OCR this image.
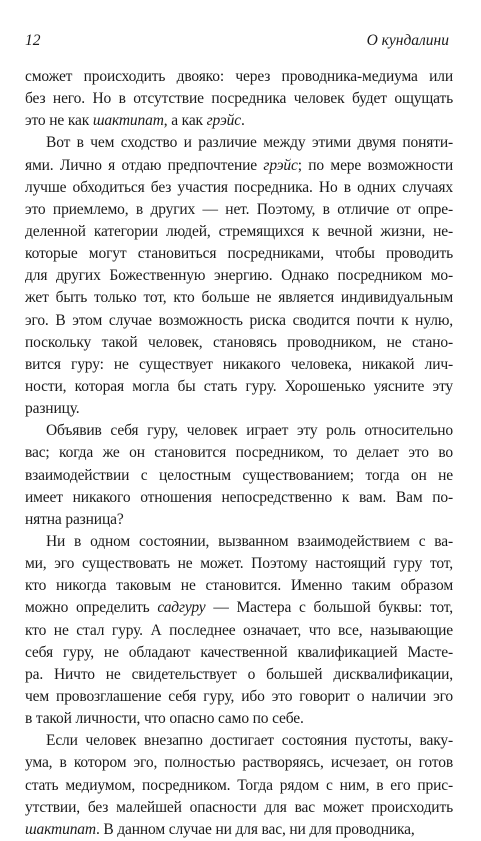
12	О кундалини
сможет происходить двояко: через проводника-медиума или
без него. Но в отсутствие посредника человек будет ощущать
это не как шактипат, а как грэйс.
Вот в чем сходство и различие между этими двумя поняти-
ями. Лично я отдаю предпочтение грэйс; по мере возможности
лучше обходиться без участия посредника. Но в одних случаях
это приемлемо, в других — нет. Поэтому, в отличие от опре-
деленной категории людей, стремящихся к вечной жизни, не-
которые могут становиться посредниками, чтобы проводить
для других Божественную энергию. Однако посредником мо-
жет быть только тот, кто больше не является индивидуальным
эго. В этом случае возможность риска сводится почти к нулю,
поскольку такой человек, становясь проводником, не стано-
вится гуру: не существует никакого человека, никакой лич-
ности, которая могла бы стать гуру. Хорошенько уясните эту
разницу.
Объявив себя гуру, человек играет эту роль относительно
вас; когда же он становится посредником, то делает это во
взаимодействии с целостным существованием; тогда он не
имеет никакого отношения непосредственно к вам. Вам по-
нятна разница?
Ни в одном состоянии, вызванном взаимодействием с ва-
ми, эго существовать не может. Поэтому настоящий гуру тот,
кто никогда таковым не становится. Именно таким образом
можно определить садгуру — Мастера с большой буквы: тот,
кто не стал гуру. А последнее означает, что все, называющие
себя гуру, не обладают качественной квалификацией Масте-
ра. Ничто не свидетельствует о большей дисквалификации,
чем провозглашение себя гуру, ибо это говорит о наличии эго
в такой личности, что опасно само по себе.
Если человек внезапно достигает состояния пустоты, ваку-
ума, в котором эго, полностью растворяясь, исчезает, он готов
стать медиумом, посредником. Тогда рядом с ним, в его прис-
утствии, без малейшей опасности для вас может происходить
шактипат. В данном случае ни для вас, ни для проводника,
